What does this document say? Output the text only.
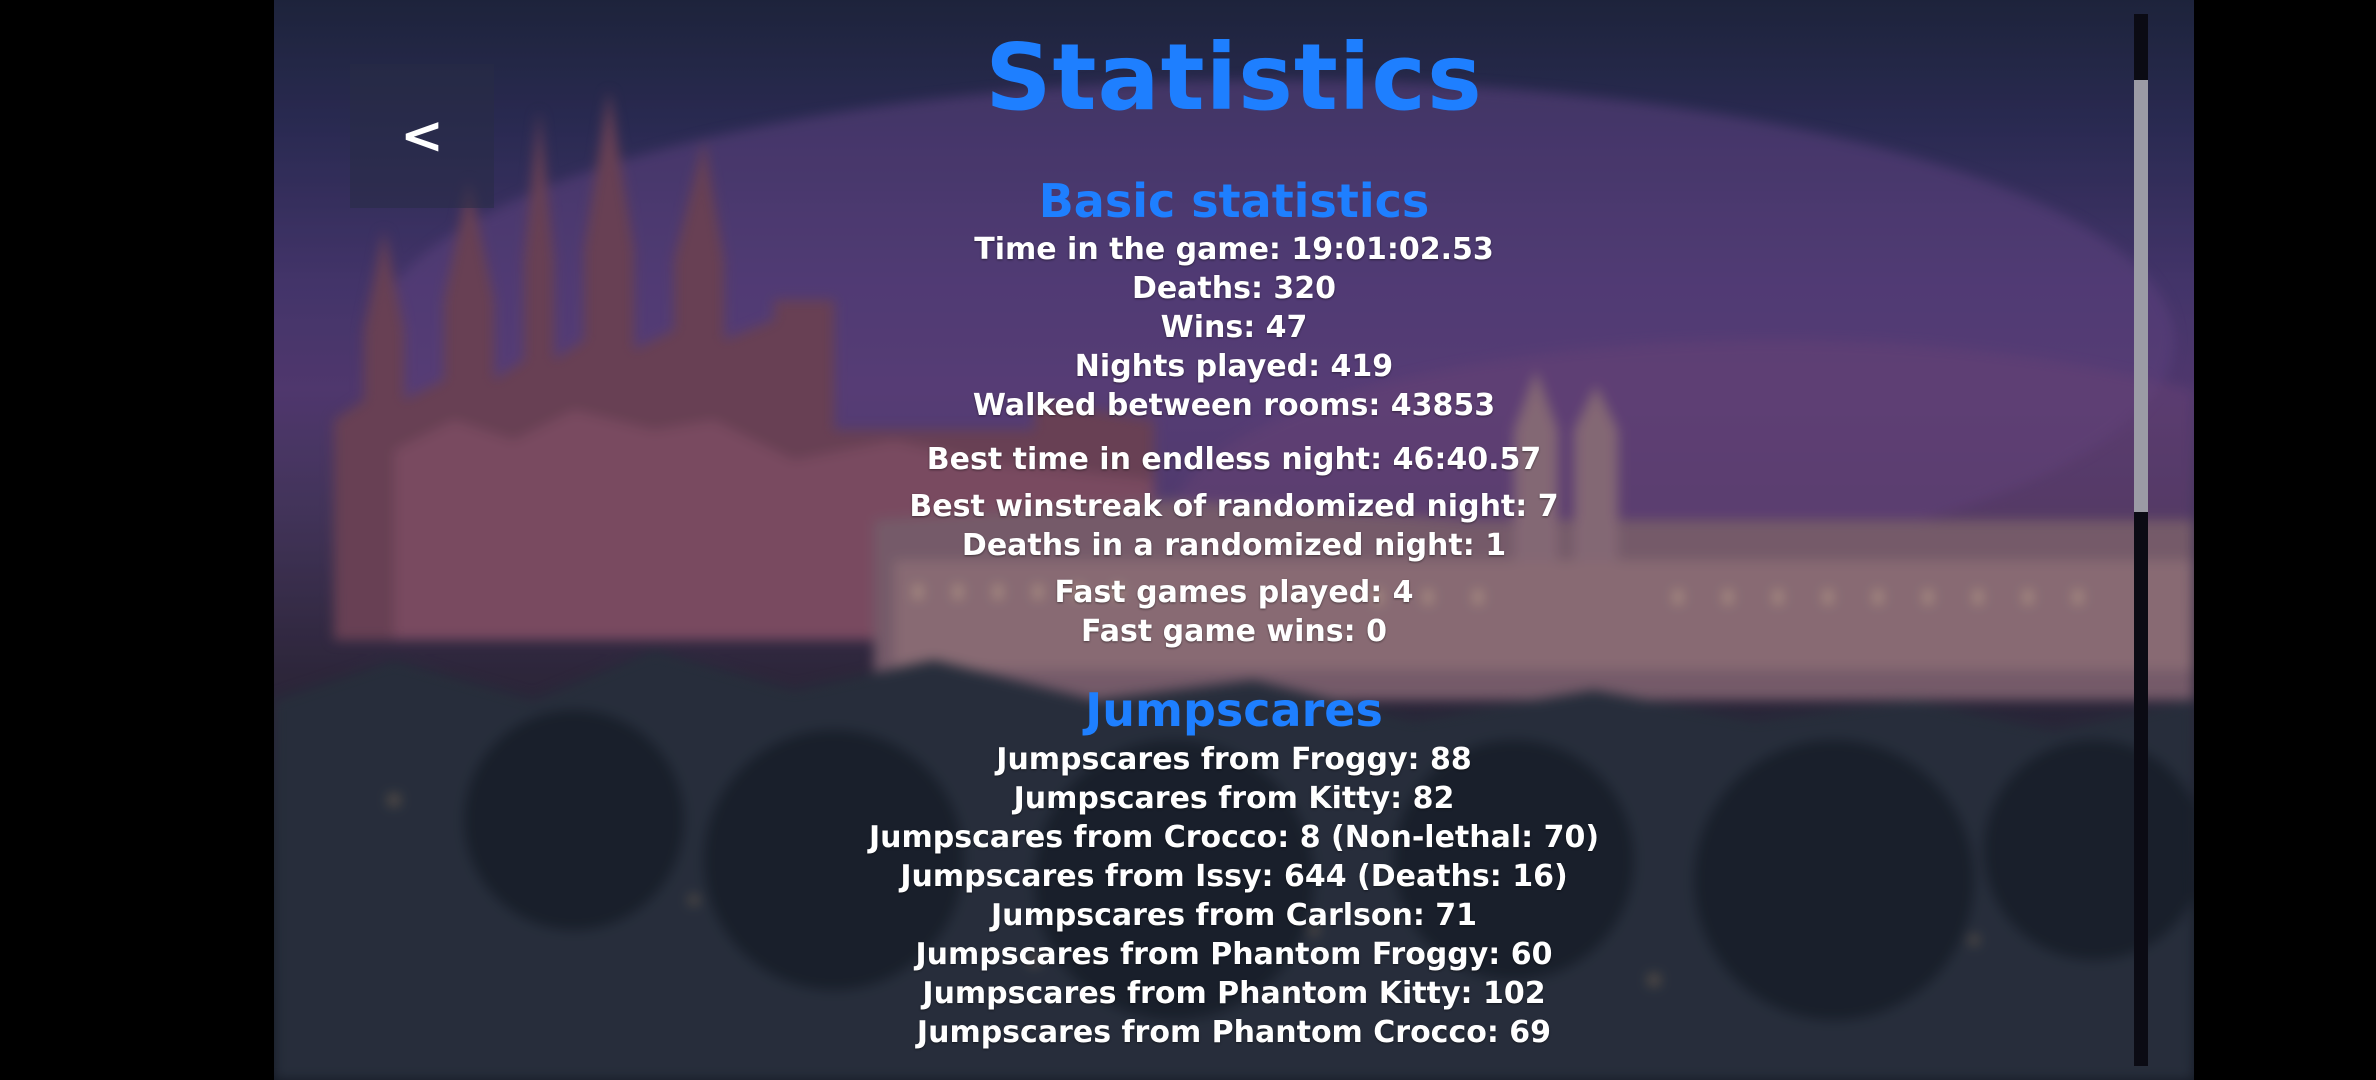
Statistics
Basic statistics
Time in the game: 19:01:02.53
Deaths: 320
Wins: 47
Nights played: 419
Walked between rooms: 43853
Best time in endless night: 46:40.57
Best winstreak of randomized night: 7
Deaths in a randomized night: 1
Fast games played: 4
Fast game wins: 0
Jumpscares
Jumpscares from Froggy: 88
Jumpscares from Kitty: 82
Jumpscares from Crocco: 8 (Non-lethal: 70)
Jumpscares from Issy: 644 (Deaths: 16)
Jumpscares from Carlson: 71
Jumpscares from Phantom Froggy: 60
Jumpscares from Phantom Kitty: 102
Jumpscares from Phantom Crocco: 69
<
